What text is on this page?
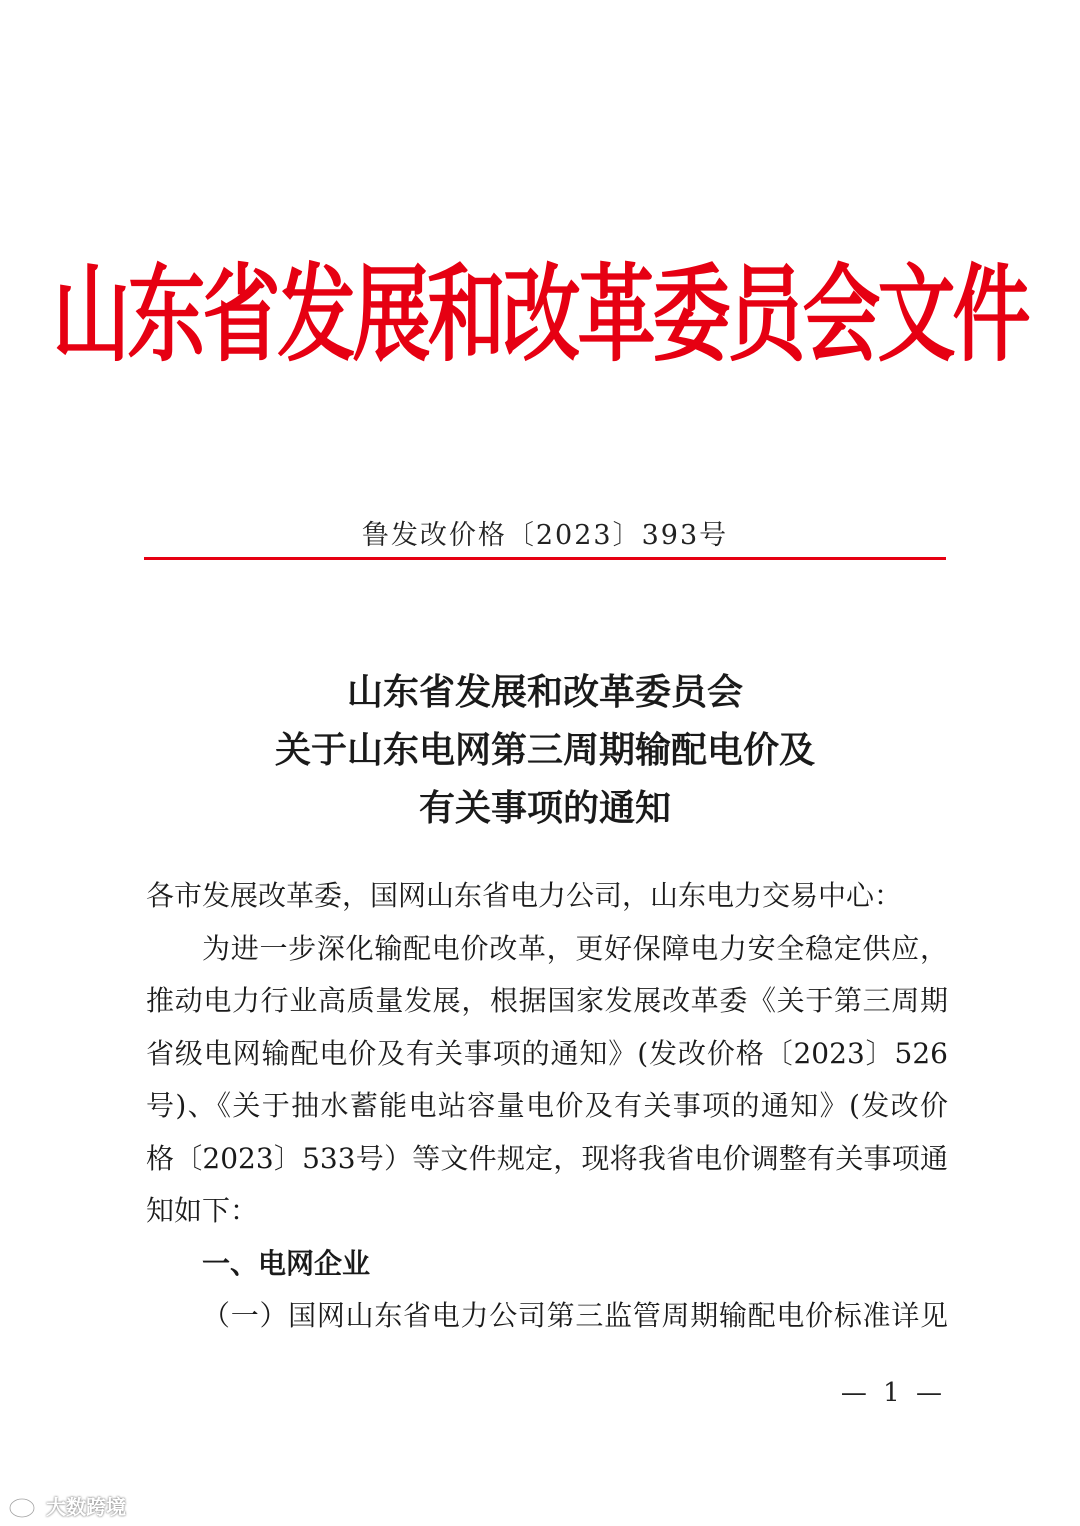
山东省发展和改革委员会文件
鲁发改价格〔2023〕393号
山东省发展和改革委员会
关于山东电网第三周期输配电价及
有关事项的通知
各市发展改革委，国网山东省电力公司，山东电力交易中心：
为进一步深化输配电价改革，更好保障电力安全稳定供应，
推动电力行业高质量发展，根据国家发展改革委《关于第三周期
省级电网输配电价及有关事项的通知》(发改价格〔2023〕526
号)、《关于抽水蓄能电站容量电价及有关事项的通知》(发改价
格〔2023〕533号）等文件规定，现将我省电价调整有关事项通
知如下：
一、电网企业
（一）国网山东省电力公司第三监管周期输配电价标准详见
— 1 —
大数跨境
